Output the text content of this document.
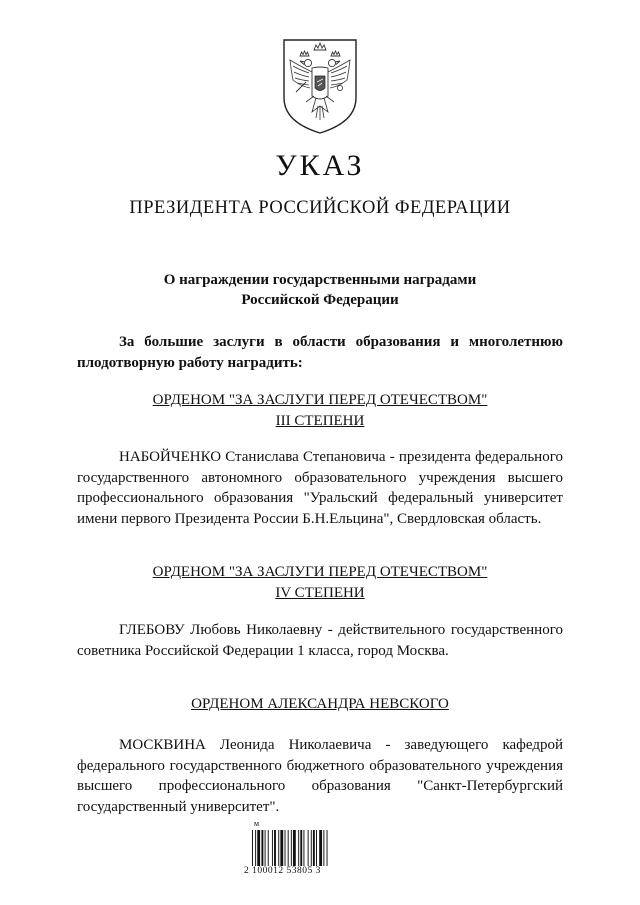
УКАЗ
ПРЕЗИДЕНТА РОССИЙСКОЙ ФЕДЕРАЦИИ
О награждении государственными наградами
Российской Федерации
За большие заслуги в области образования и многолетнюю плодотворную работу наградить:
ОРДЕНОМ "ЗА ЗАСЛУГИ ПЕРЕД ОТЕЧЕСТВОМ"
III СТЕПЕНИ
НАБОЙЧЕНКО Станислава Степановича - президента федерального государственного автономного образовательного учреждения высшего профессионального образования "Уральский федеральный университет имени первого Президента России Б.Н.Ельцина", Свердловская область.
ОРДЕНОМ "ЗА ЗАСЛУГИ ПЕРЕД ОТЕЧЕСТВОМ"
IV СТЕПЕНИ
ГЛЕБОВУ Любовь Николаевну - действительного государственного советника Российской Федерации 1 класса, город Москва.
ОРДЕНОМ АЛЕКСАНДРА НЕВСКОГО
МОСКВИНА Леонида Николаевича - заведующего кафедрой федерального государственного бюджетного образовательного учреждения высшего профессионального образования "Санкт-Петербургский государственный университет".
м
2 100012 53805 3
